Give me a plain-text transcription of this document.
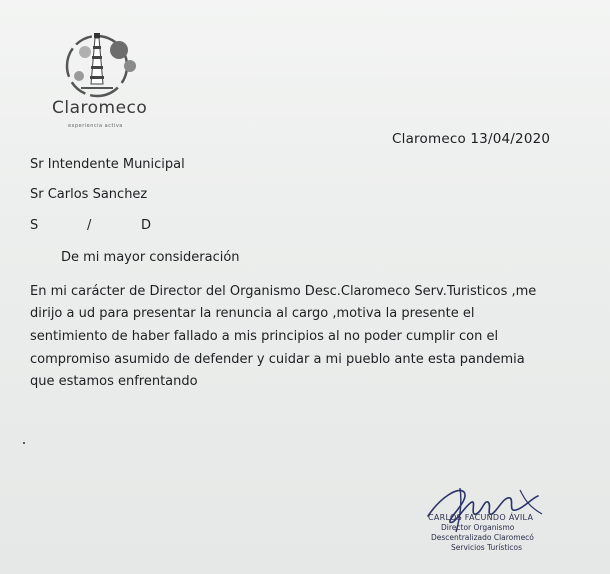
Claromeco
experiencia activa
Claromeco 13/04/2020
Sr Intendente Municipal
Sr Carlos Sanchez
S	/	D
De mi mayor consideración
En mi carácter de Director del Organismo Desc.Claromeco Serv.Turisticos ,me
dirijo a ud para presentar la renuncia al cargo ,motiva la presente el
sentimiento de haber fallado a mis principios al no poder cumplir con el
compromiso asumido de defender y cuidar a mi pueblo ante esta pandemia
que estamos enfrentando
CARLOS FACUNDO ÁVILA
Director Organismo
Descentralizado Claromecó
Servicios Turísticos
